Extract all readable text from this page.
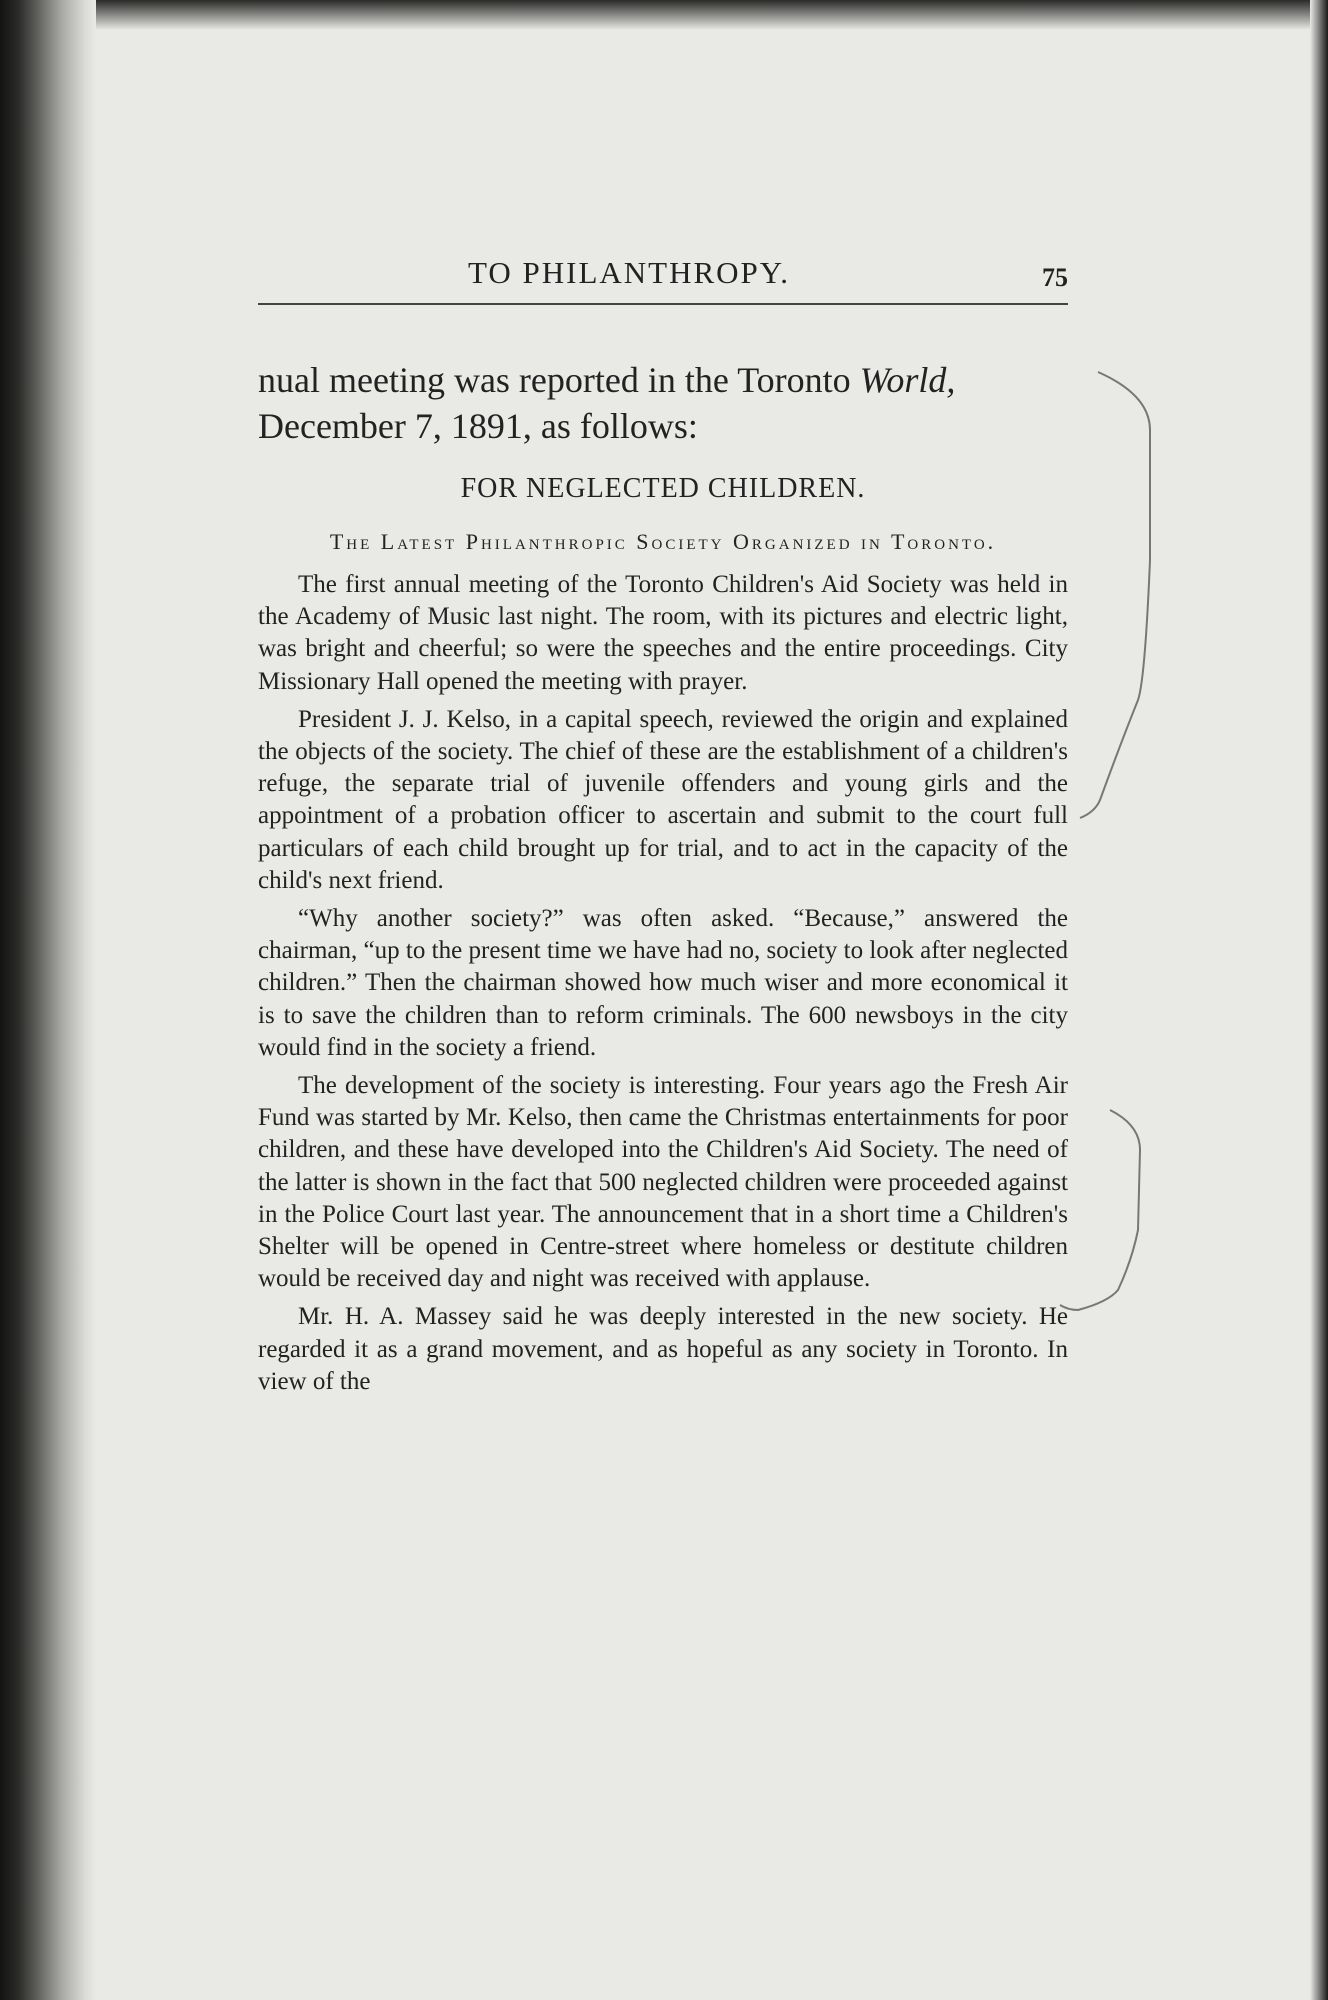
TO PHILANTHROPY.	75
nual meeting was reported in the Toronto World,
December 7, 1891, as follows:
FOR NEGLECTED CHILDREN.
The Latest Philanthropic Society Organized in Toronto.

The first annual meeting of the Toronto Children's Aid Society was held in the Academy of Music last night. The room, with its pictures and electric light, was bright and cheerful; so were the speeches and the entire proceedings. City Missionary Hall opened the meeting with prayer.

President J. J. Kelso, in a capital speech, reviewed the origin and explained the objects of the society. The chief of these are the establishment of a children's refuge, the separate trial of juvenile offenders and young girls and the appointment of a probation officer to ascertain and submit to the court full particulars of each child brought up for trial, and to act in the capacity of the child's next friend.

“Why another society?” was often asked. “Because,” answered the chairman, “up to the present time we have had no, society to look after neglected children.” Then the chairman showed how much wiser and more economical it is to save the children than to reform criminals. The 600 newsboys in the city would find in the society a friend.

The development of the society is interesting. Four years ago the Fresh Air Fund was started by Mr. Kelso, then came the Christmas entertainments for poor children, and these have developed into the Children's Aid Society. The need of the latter is shown in the fact that 500 neglected children were proceeded against in the Police Court last year. The announcement that in a short time a Children's Shelter will be opened in Centre-street where homeless or destitute children would be received day and night was received with applause.

Mr. H. A. Massey said he was deeply interested in the new society. He regarded it as a grand movement, and as hopeful as any society in Toronto. In view of the
